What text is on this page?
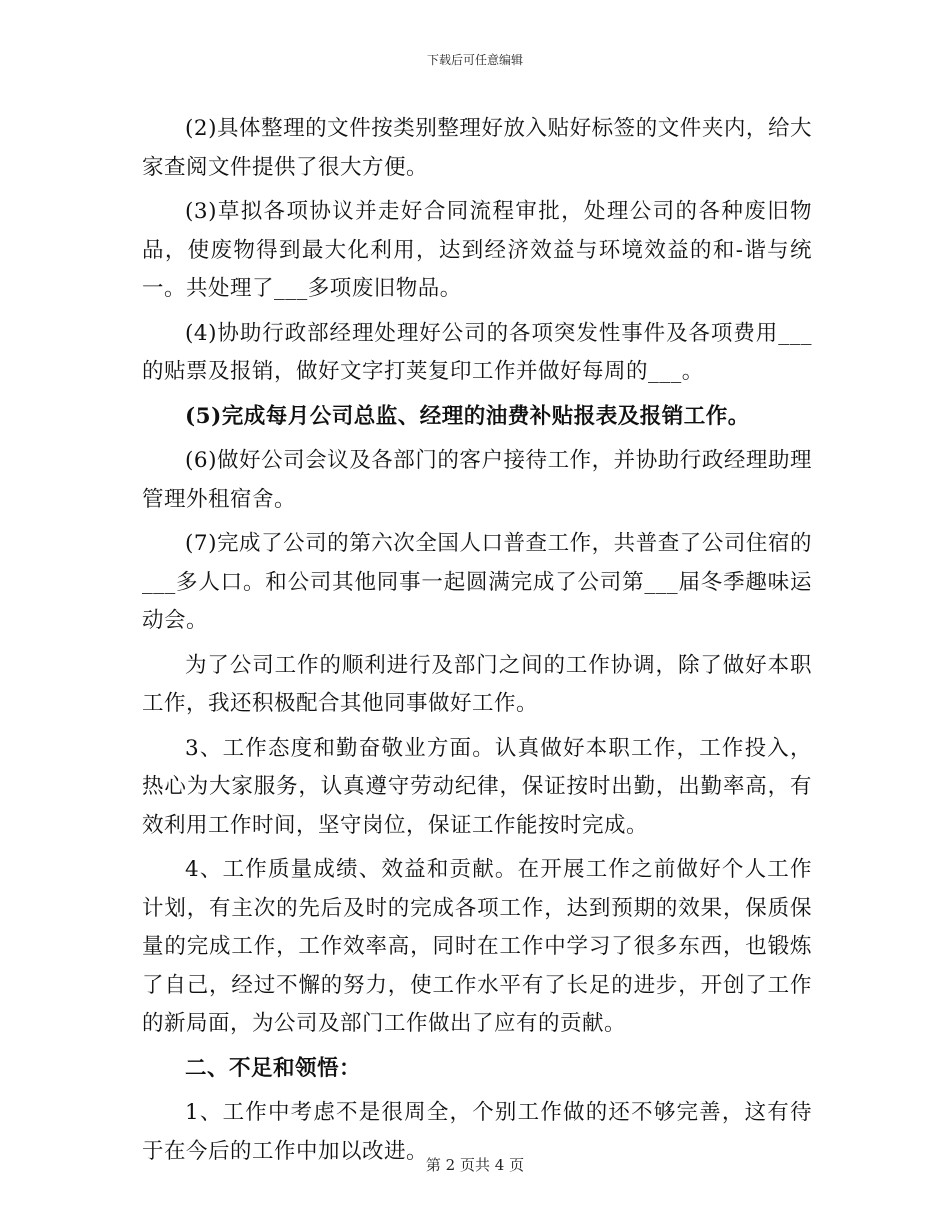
下载后可任意编辑

(2)具体整理的文件按类别整理好放入贴好标签的文件夹内，给大家查阅文件提供了很大方便。

(3)草拟各项协议并走好合同流程审批，处理公司的各种废旧物品，使废物得到最大化利用，达到经济效益与环境效益的和-谐与统一。共处理了___多项废旧物品。

(4)协助行政部经理处理好公司的各项突发性事件及各项费用___的贴票及报销，做好文字打荚复印工作并做好每周的___。

(5)完成每月公司总监、经理的油费补贴报表及报销工作。

(6)做好公司会议及各部门的客户接待工作，并协助行政经理助理管理外租宿舍。

(7)完成了公司的第六次全国人口普查工作，共普查了公司住宿的___多人口。和公司其他同事一起圆满完成了公司第___届冬季趣味运动会。

为了公司工作的顺利进行及部门之间的工作协调，除了做好本职工作，我还积极配合其他同事做好工作。

3、工作态度和勤奋敬业方面。认真做好本职工作，工作投入，热心为大家服务，认真遵守劳动纪律，保证按时出勤，出勤率高，有效利用工作时间，坚守岗位，保证工作能按时完成。

4、工作质量成绩、效益和贡献。在开展工作之前做好个人工作计划，有主次的先后及时的完成各项工作，达到预期的效果，保质保量的完成工作，工作效率高，同时在工作中学习了很多东西，也锻炼了自己，经过不懈的努力，使工作水平有了长足的进步，开创了工作的新局面，为公司及部门工作做出了应有的贡献。

二、不足和领悟：

1、工作中考虑不是很周全，个别工作做的还不够完善，这有待于在今后的工作中加以改进。

第 2 页共 4 页
